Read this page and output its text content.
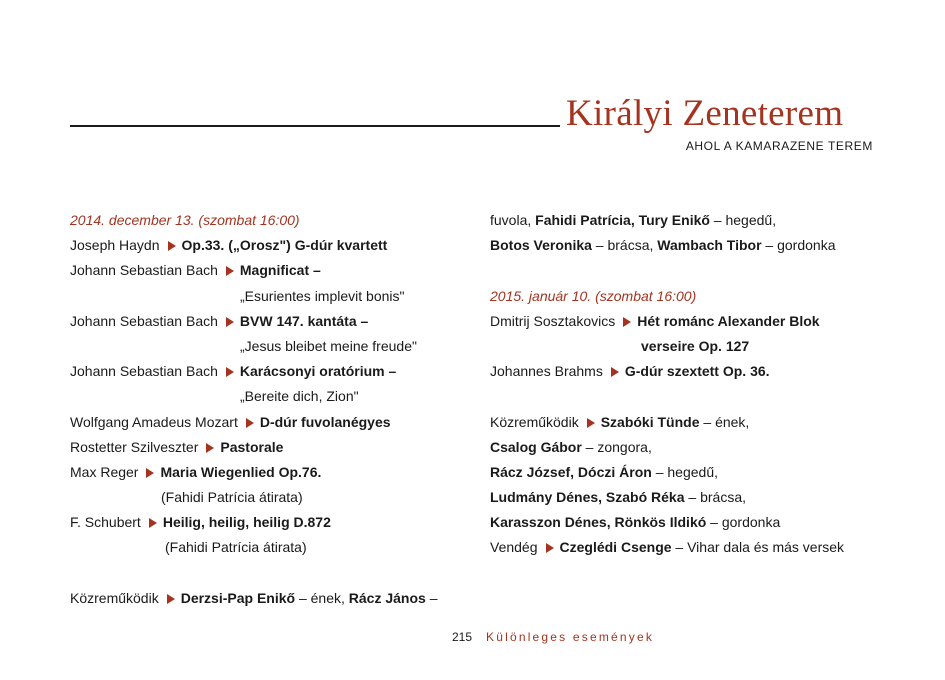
Királyi Zeneterem
AHOL A KAMARAZENE TEREM
2014. december 13. (szombat 16:00)
Joseph Haydn Op.33. („Orosz") G-dúr kvartett
Johann Sebastian Bach Magnificat –
„Esurientes implevit bonis"
Johann Sebastian Bach BVW 147. kantáta –
„Jesus bleibet meine freude"
Johann Sebastian Bach Karácsonyi oratórium –
„Bereite dich, Zion"
Wolfgang Amadeus Mozart D-dúr fuvolanégyes
Rostetter Szilveszter Pastorale
Max Reger Maria Wiegenlied Op.76.
(Fahidi Patrícia átirata)
F. Schubert Heilig, heilig, heilig D.872
(Fahidi Patrícia átirata)
Közreműködik Derzsi-Pap Enikő – ének, Rácz János –
fuvola, Fahidi Patrícia, Tury Enikő – hegedű,
Botos Veronika – brácsa, Wambach Tibor – gordonka
2015. január 10. (szombat 16:00)
Dmitrij Sosztakovics Hét románc Alexander Blok
verseire Op. 127
Johannes Brahms G-dúr szextett Op. 36.
Közreműködik Szabóki Tünde – ének,
Csalog Gábor – zongora,
Rácz József, Dóczi Áron – hegedű,
Ludmány Dénes, Szabó Réka – brácsa,
Karasszon Dénes, Rönkös Ildikó – gordonka
Vendég Czeglédi Csenge – Vihar dala és más versek
215 Különleges események
